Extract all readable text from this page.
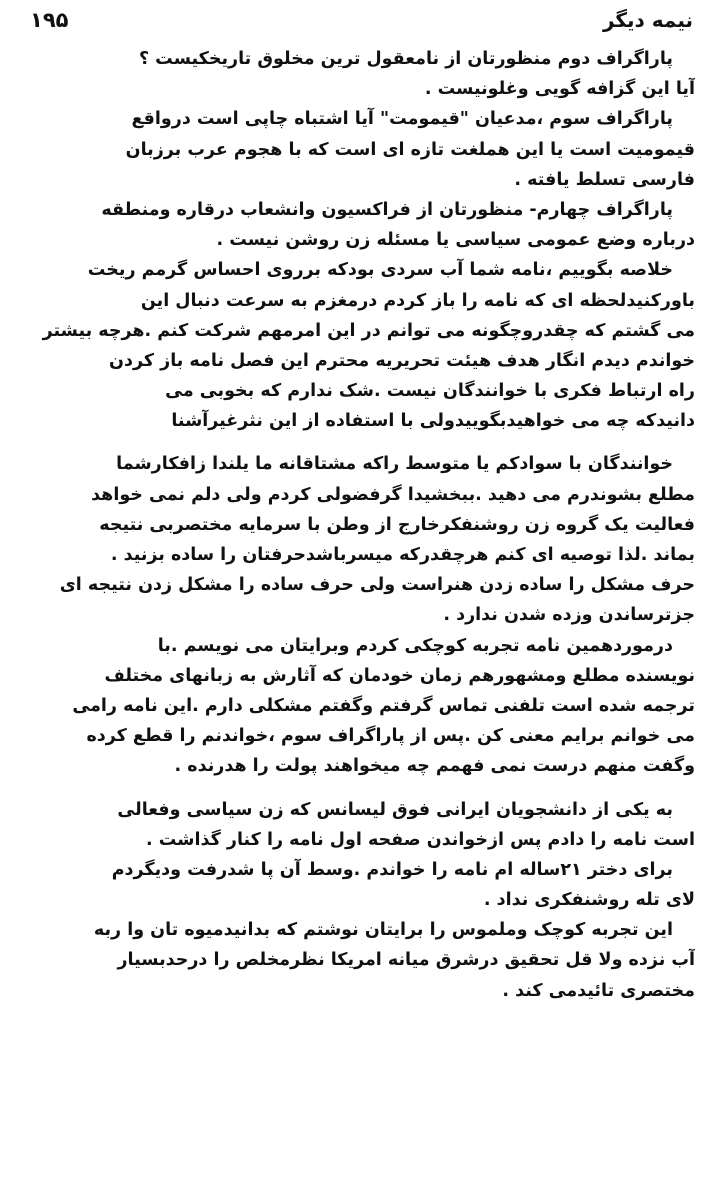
۱۹۵	نیمه دیگر
پاراگراف دوم منظورتان از نامعقول ترین مخلوق تاریخکیست ؟
آیا این گزافه گویی وغلونیست .
پاراگراف سوم ،مدعیان "قیمومت" آیا اشتباه چاپی است درواقع
قیمومیت است یا این هملغت تازه ای است که با هجوم عرب برزبان
فارسی تسلط یافته .
پاراگراف چهارم- منظورتان از فراکسیون وانشعاب درقاره ومنطقه
درباره وضع عمومی سیاسی یا مسئله زن روشن نیست .
خلاصه بگوییم ،نامه شما آب سردی بودکه برروی احساس گرمم ریخت
باورکنیدلحظه ای که نامه را باز کردم درمغزم به سرعت دنبال این
می گشتم که چقدروچگونه می توانم در این امرمهم شرکت کنم .هرچه بیشتر
خواندم دیدم انگار هدف هیئت تحریریه محترم این فصل نامه باز کردن
راه ارتباط فکری با خوانندگان نیست .شک ندارم که بخوبی می
دانیدکه چه می خواهیدبگوییدولی با استفاده از این نثرغیرآشنا
خوانندگان با سوادکم یا متوسط راکه مشتاقانه ما یلندا زافکارشما
مطلع بشوندرم می دهید .ببخشیدا گرفضولی کردم ولی دلم نمی خواهد
فعالیت یک گروه زن روشنفکرخارج از وطن با سرمایه مختصربی نتیجه
بماند .لذا توصیه ای کنم هرچقدرکه میسرباشدحرفتان را ساده بزنید .
حرف مشکل را ساده زدن هنراست ولی حرف ساده را مشکل زدن نتیجه ای
جزترساندن وزده شدن ندارد .
درموردهمین نامه تجربه کوچکی کردم وبرایتان می نویسم .با
نویسنده مطلع ومشهورهم زمان خودمان که آثارش به زبانهای مختلف
ترجمه شده است تلفنی تماس گرفتم وگفتم مشکلی دارم .این نامه رامی
می خوانم برایم معنی کن .پس از پاراگراف سوم ،خواندنم را قطع کرده
وگفت منهم درست نمی فهمم چه میخواهند پولت را هدرنده .
به یکی از دانشجویان ایرانی فوق لیسانس که زن سیاسی وفعالی
است نامه را دادم پس ازخواندن صفحه اول نامه را کنار گذاشت .
برای دختر ۲۱ساله ام نامه را خواندم .وسط آن پا شدرفت ودیگردم
لای تله روشنفکری نداد .
این تجربه کوچک وملموس را برایتان نوشتم که بدانیدمیوه تان وا ربه
آب نزده ولا قل تحقیق درشرق میانه امریکا نظرمخلص را درحدبسیار
مختصری تائیدمی کند .
